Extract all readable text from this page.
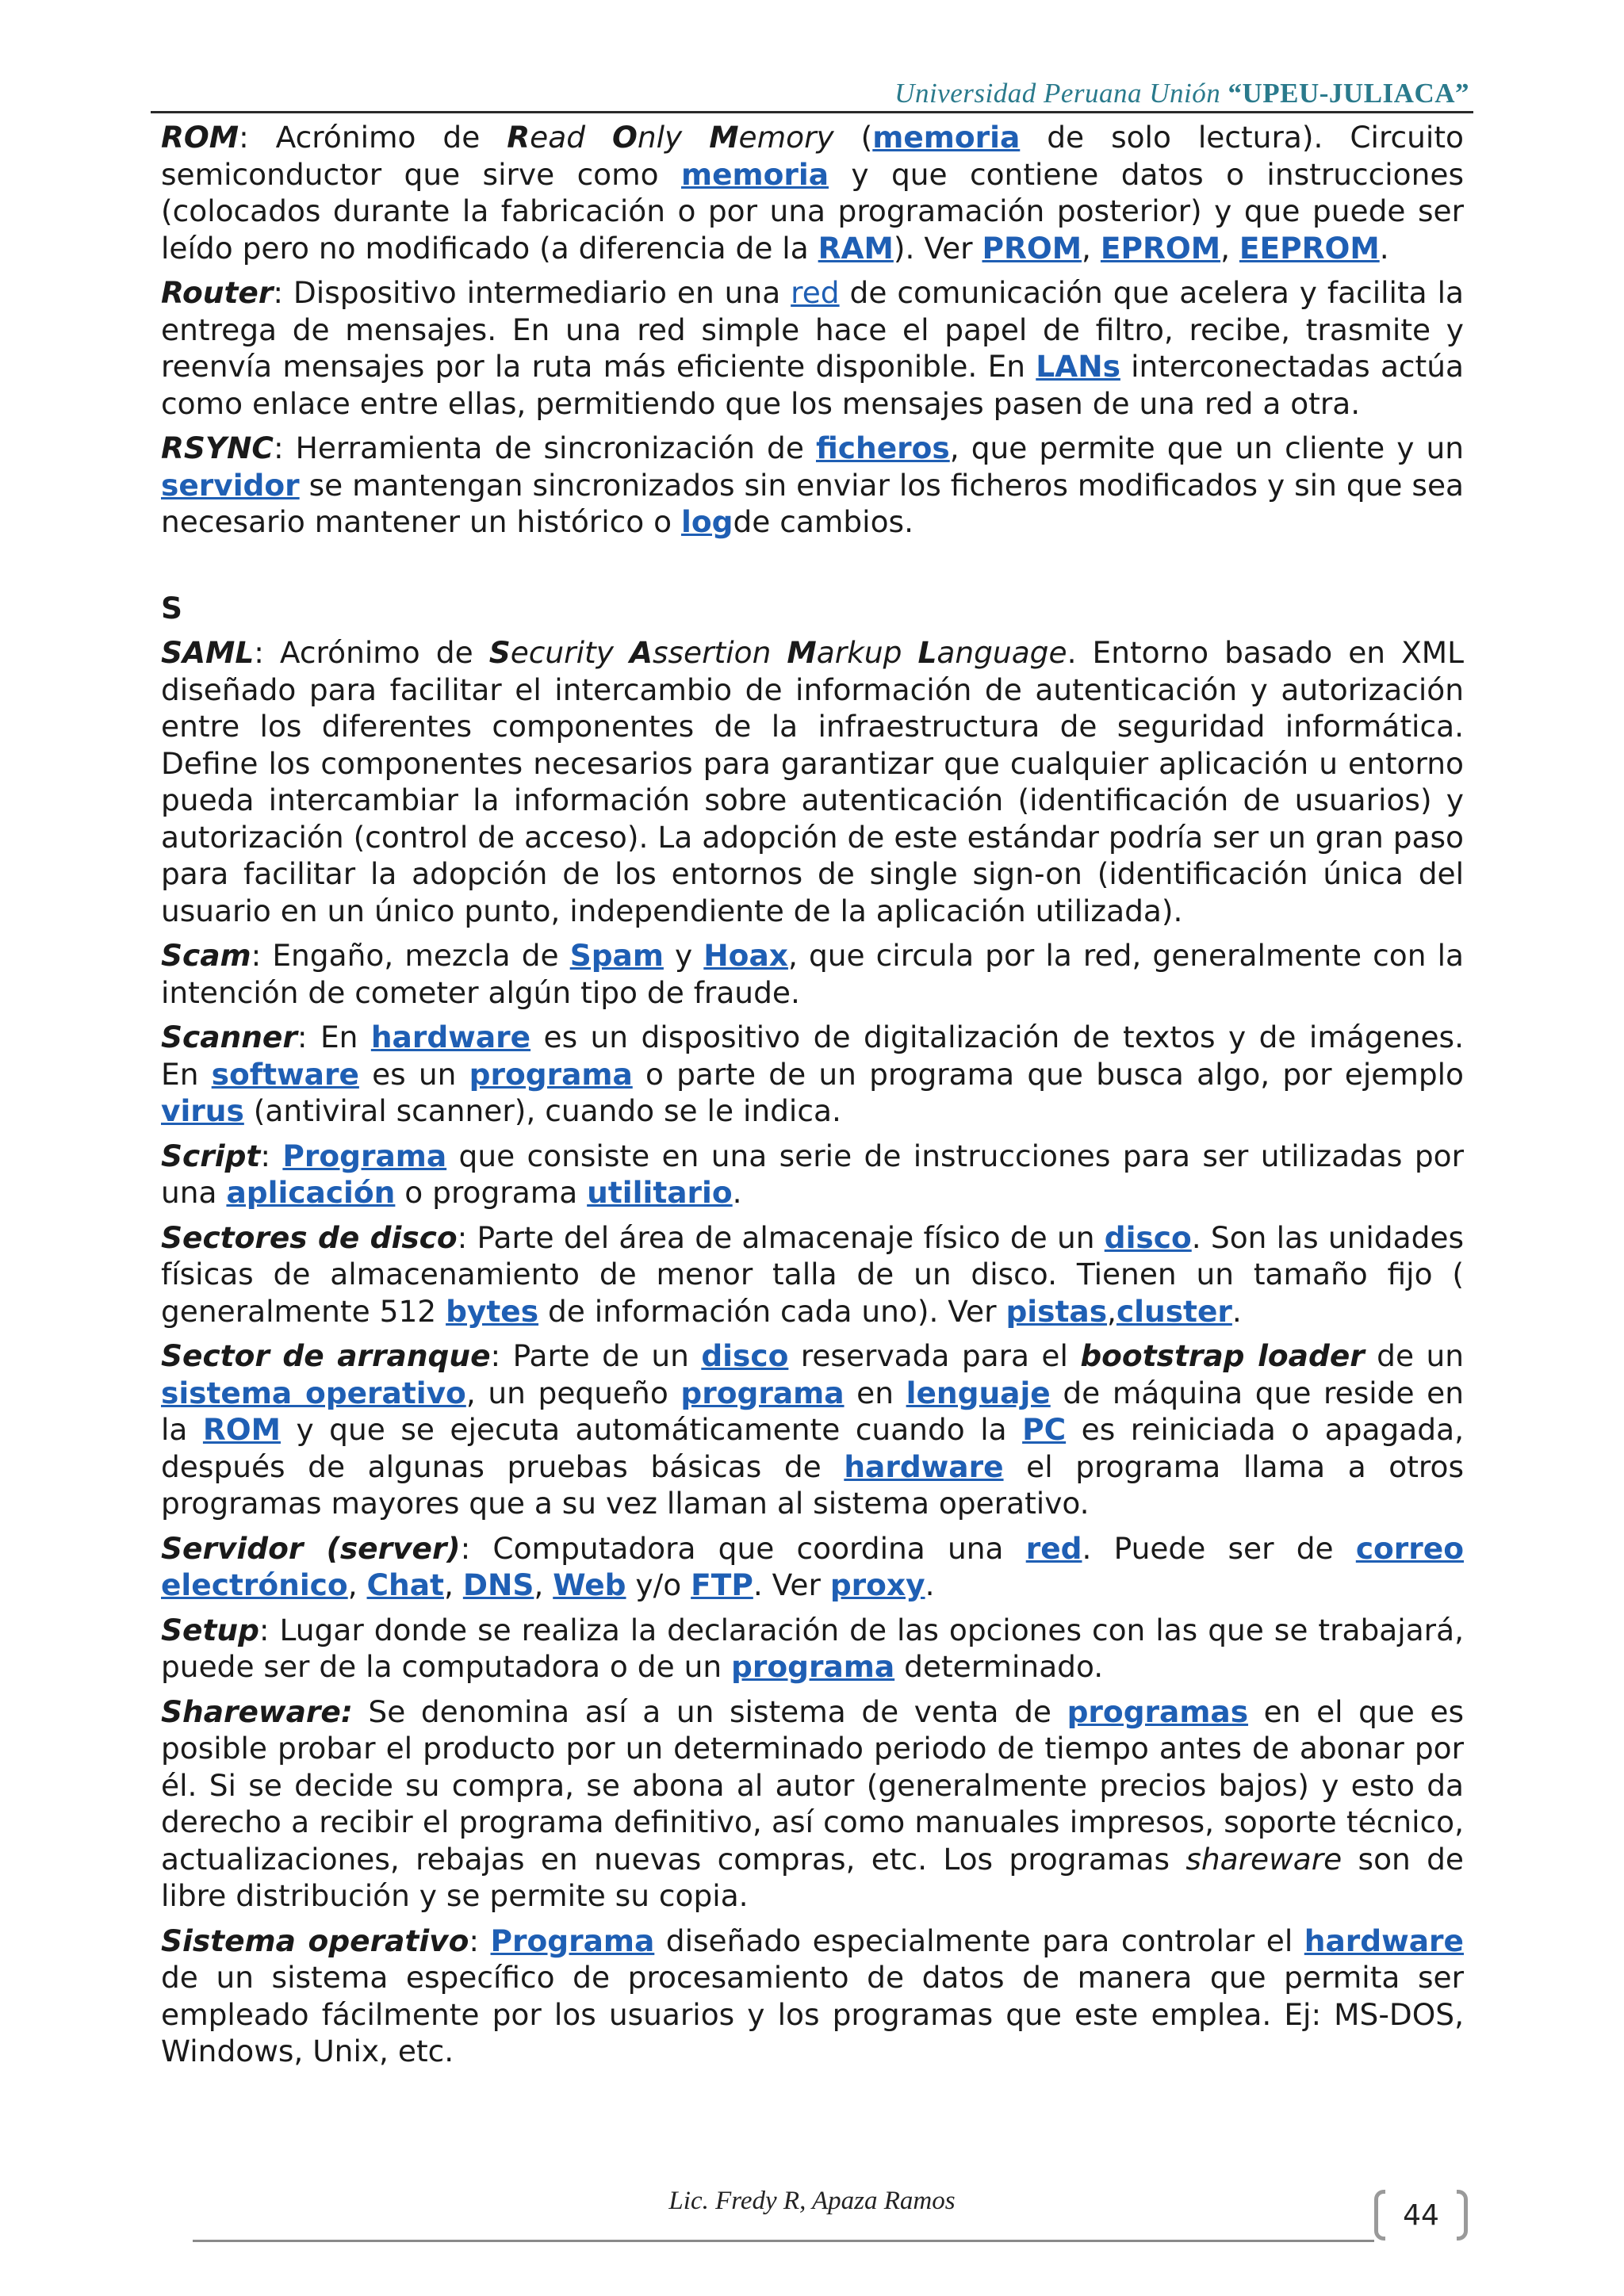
Universidad Peruana Unión “UPEU-JULIACA”

ROM: Acrónimo de Read Only Memory (memoria de solo lectura). Circuito semiconductor que sirve como memoria y que contiene datos o instrucciones (colocados durante la fabricación o por una programación posterior) y que puede ser leído pero no modificado (a diferencia de la RAM). Ver PROM, EPROM, EEPROM.

Router: Dispositivo intermediario en una red de comunicación que acelera y facilita la entrega de mensajes. En una red simple hace el papel de filtro, recibe, trasmite y reenvía mensajes por la ruta más eficiente disponible. En LANs interconectadas actúa como enlace entre ellas, permitiendo que los mensajes pasen de una red a otra.

RSYNC: Herramienta de sincronización de ficheros, que permite que un cliente y un servidor se mantengan sincronizados sin enviar los ficheros modificados y sin que sea necesario mantener un histórico o logde cambios.

S

SAML: Acrónimo de Security Assertion Markup Language. Entorno basado en XML diseñado para facilitar el intercambio de información de autenticación y autorización entre los diferentes componentes de la infraestructura de seguridad informática. Define los componentes necesarios para garantizar que cualquier aplicación u entorno pueda intercambiar la información sobre autenticación (identificación de usuarios) y autorización (control de acceso). La adopción de este estándar podría ser un gran paso para facilitar la adopción de los entornos de single sign-on (identificación única del usuario en un único punto, independiente de la aplicación utilizada).

Scam: Engaño, mezcla de Spam y Hoax, que circula por la red, generalmente con la intención de cometer algún tipo de fraude.

Scanner: En hardware es un dispositivo de digitalización de textos y de imágenes. En software es un programa o parte de un programa que busca algo, por ejemplo virus (antiviral scanner), cuando se le indica.

Script: Programa que consiste en una serie de instrucciones para ser utilizadas por una aplicación o programa utilitario.

Sectores de disco: Parte del área de almacenaje físico de un disco. Son las unidades físicas de almacenamiento de menor talla de un disco. Tienen un tamaño fijo ( generalmente 512 bytes de información cada uno). Ver pistas,cluster.

Sector de arranque: Parte de un disco reservada para el bootstrap loader de un sistema operativo, un pequeño programa en lenguaje de máquina que reside en la ROM y que se ejecuta automáticamente cuando la PC es reiniciada o apagada, después de algunas pruebas básicas de hardware el programa llama a otros programas mayores que a su vez llaman al sistema operativo.

Servidor (server): Computadora que coordina una red. Puede ser de correo electrónico, Chat, DNS, Web y/o FTP. Ver proxy.

Setup: Lugar donde se realiza la declaración de las opciones con las que se trabajará, puede ser de la computadora o de un programa determinado.

Shareware: Se denomina así a un sistema de venta de programas en el que es posible probar el producto por un determinado periodo de tiempo antes de abonar por él. Si se decide su compra, se abona al autor (generalmente precios bajos) y esto da derecho a recibir el programa definitivo, así como manuales impresos, soporte técnico, actualizaciones, rebajas en nuevas compras, etc. Los programas shareware son de libre distribución y se permite su copia.

Sistema operativo: Programa diseñado especialmente para controlar el hardware de un sistema específico de procesamiento de datos de manera que permita ser empleado fácilmente por los usuarios y los programas que este emplea. Ej: MS-DOS, Windows, Unix, etc.

Lic. Fredy R, Apaza Ramos	44
